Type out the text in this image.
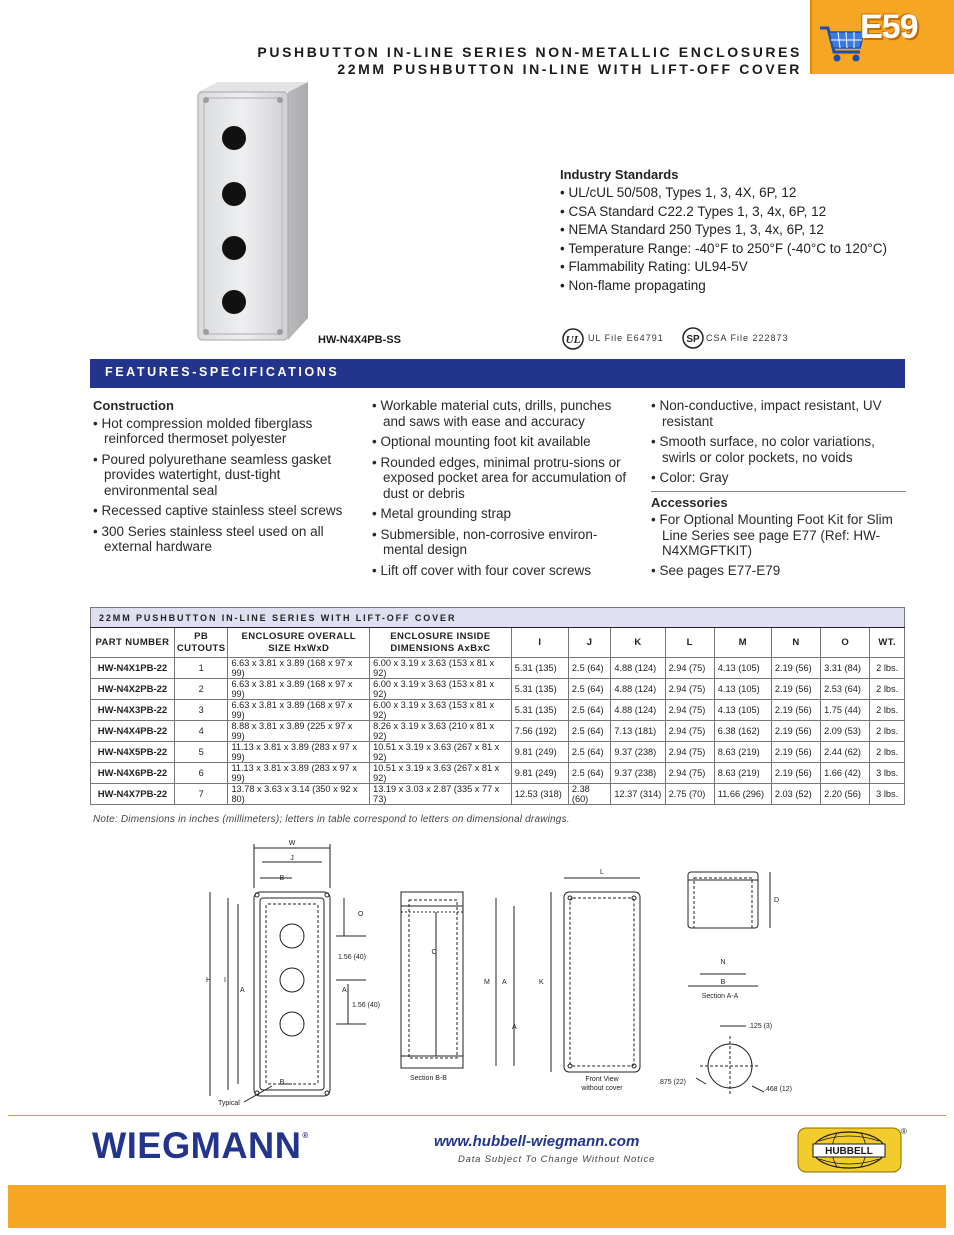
PUSHBUTTON IN-LINE SERIES NON-METALLIC ENCLOSURES
22MM PUSHBUTTON IN-LINE WITH LIFT-OFF COVER
E59
HW-N4X4PB-SS
Industry Standards
• UL/cUL 50/508, Types 1, 3, 4X, 6P, 12
• CSA Standard C22.2 Types 1, 3, 4x, 6P, 12
• NEMA Standard 250 Types 1, 3, 4x, 6P, 12
• Temperature Range: -40°F to 250°F (-40°C to 120°C)
• Flammability Rating: UL94-5V
• Non-flame propagating
UL UL File E64791 SP CSA File 222873
FEATURES-SPECIFICATIONS
Construction
• Hot compression molded fiberglass reinforced thermoset polyester
• Poured polyurethane seamless gasket provides watertight, dust-tight environmental seal
• Recessed captive stainless steel screws
• 300 Series stainless steel used on all external hardware
• Workable material cuts, drills, punches and saws with ease and accuracy
• Optional mounting foot kit available
• Rounded edges, minimal protru-sions or exposed pocket area for accumulation of dust or debris
• Metal grounding strap
• Submersible, non-corrosive environ-mental design
• Lift off cover with four cover screws
• Non-conductive, impact resistant, UV resistant
• Smooth surface, no color variations, swirls or color pockets, no voids
• Color: Gray
Accessories
• For Optional Mounting Foot Kit for Slim Line Series see page E77 (Ref: HW-N4XMGFTKIT)
• See pages E77-E79
22MM PUSHBUTTON IN-LINE SERIES WITH LIFT-OFF COVER											
PART NUMBER	PB CUTOUTS	ENCLOSURE OVERALL SIZE HxWxD	ENCLOSURE INSIDE DIMENSIONS AxBxC	I	J	K	L	M	N	O	WT.
HW-N4X1PB-22	1	6.63 x 3.81 x 3.89 (168 x 97 x 99)	6.00 x 3.19 x 3.63 (153 x 81 x 92)	5.31 (135)	2.5 (64)	4.88 (124)	2.94 (75)	4.13 (105)	2.19 (56)	3.31 (84)	2 lbs.
HW-N4X2PB-22	2	6.63 x 3.81 x 3.89 (168 x 97 x 99)	6.00 x 3.19 x 3.63 (153 x 81 x 92)	5.31 (135)	2.5 (64)	4.88 (124)	2.94 (75)	4.13 (105)	2.19 (56)	2.53 (64)	2 lbs.
HW-N4X3PB-22	3	6.63 x 3.81 x 3.89 (168 x 97 x 99)	6.00 x 3.19 x 3.63 (153 x 81 x 92)	5.31 (135)	2.5 (64)	4.88 (124)	2.94 (75)	4.13 (105)	2.19 (56)	1.75 (44)	2 lbs.
HW-N4X4PB-22	4	8.88 x 3.81 x 3.89 (225 x 97 x 99)	8.26 x 3.19 x 3.63 (210 x 81 x 92)	7.56 (192)	2.5 (64)	7.13 (181)	2.94 (75)	6.38 (162)	2.19 (56)	2.09 (53)	2 lbs.
HW-N4X5PB-22	5	11.13 x 3.81 x 3.89 (283 x 97 x 99)	10.51 x 3.19 x 3.63 (267 x 81 x 92)	9.81 (249)	2.5 (64)	9.37 (238)	2.94 (75)	8.63 (219)	2.19 (56)	2.44 (62)	2 lbs.
HW-N4X6PB-22	6	11.13 x 3.81 x 3.89 (283 x 97 x 99)	10.51 x 3.19 x 3.63 (267 x 81 x 92)	9.81 (249)	2.5 (64)	9.37 (238)	2.94 (75)	8.63 (219)	2.19 (56)	1.66 (42)	3 lbs.
HW-N4X7PB-22	7	13.78 x 3.63 x 3.14 (350 x 92 x 80)	13.19 x 3.03 x 2.87 (335 x 77 x 73)	12.53 (318)	2.38 (60)	12.37 (314)	2.75 (70)	11.66 (296)	2.03 (52)	2.20 (56)	3 lbs.
Note: Dimensions in inches (millimeters); letters in table correspond to letters on dimensional drawings.
W
J
B
O
H I
A	A
1.56 (40)
1.56 (40)
B
Typical
C
Section B-B
L
M A	K
A
Front View
without cover
D
N
B
Section A-A
.125 (3)
.875 (22)
.468 (12)
WIEGMANN®	www.hubbell-wiegmann.com
Data Subject To Change Without Notice
HUBBELL
®
